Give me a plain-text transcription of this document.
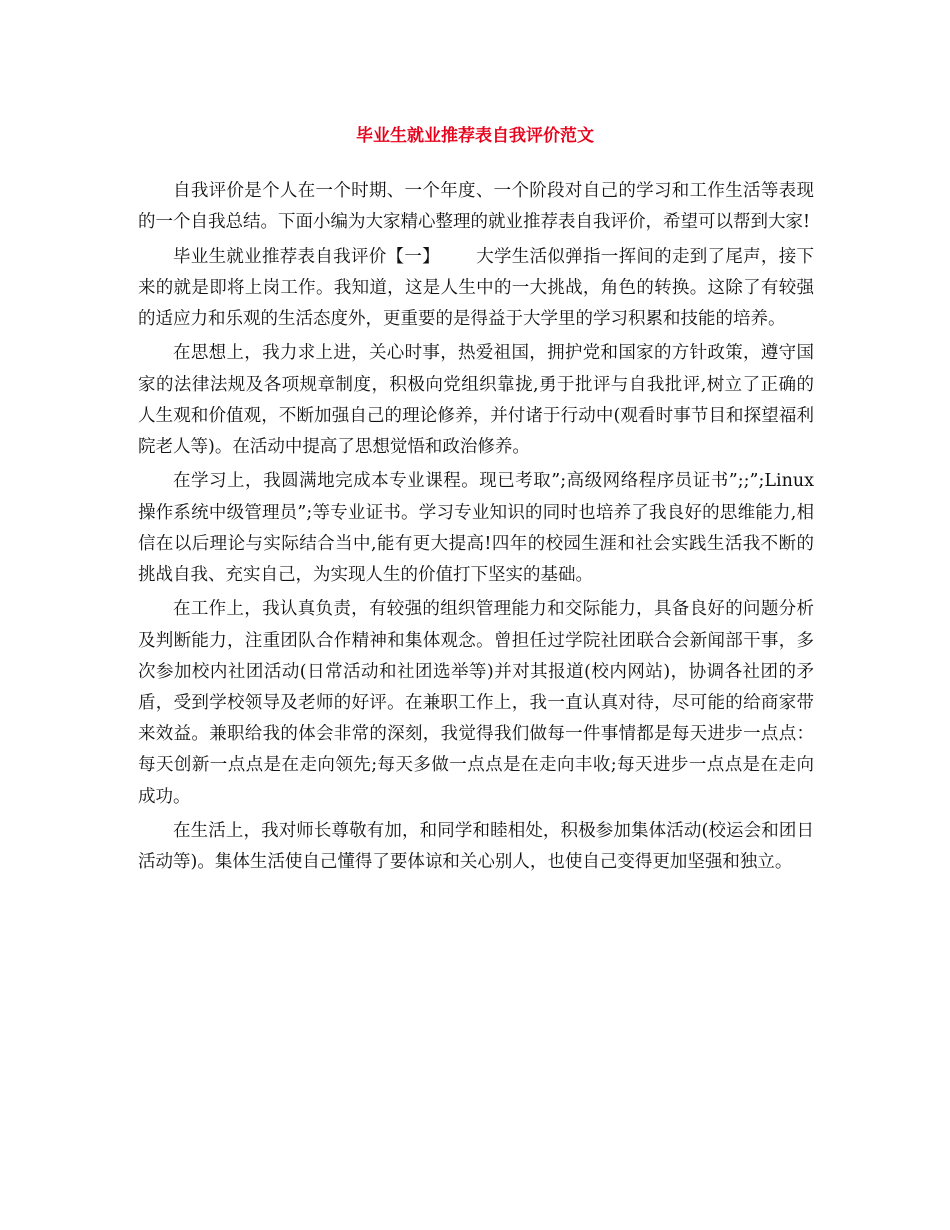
毕业生就业推荐表自我评价范文

自我评价是个人在一个时期、一个年度、一个阶段对自己的学习和工作生活等表现的一个自我总结。下面小编为大家精心整理的就业推荐表自我评价，希望可以帮到大家!

毕业生就业推荐表自我评价【一】 大学生活似弹指一挥间的走到了尾声，接下来的就是即将上岗工作。我知道，这是人生中的一大挑战，角色的转换。这除了有较强的适应力和乐观的生活态度外，更重要的是得益于大学里的学习积累和技能的培养。

在思想上，我力求上进，关心时事，热爱祖国，拥护党和国家的方针政策，遵守国家的法律法规及各项规章制度，积极向党组织靠拢,勇于批评与自我批评,树立了正确的人生观和价值观，不断加强自己的理论修养，并付诸于行动中(观看时事节目和探望福利院老人等)。在活动中提高了思想觉悟和政治修养。

在学习上，我圆满地完成本专业课程。现已考取”;高级网络程序员证书”;;”;Linux操作系统中级管理员”;等专业证书。学习专业知识的同时也培养了我良好的思维能力,相信在以后理论与实际结合当中,能有更大提高!四年的校园生涯和社会实践生活我不断的挑战自我、充实自己，为实现人生的价值打下坚实的基础。

在工作上，我认真负责，有较强的组织管理能力和交际能力，具备良好的问题分析及判断能力，注重团队合作精神和集体观念。曾担任过学院社团联合会新闻部干事，多次参加校内社团活动(日常活动和社团选举等)并对其报道(校内网站)，协调各社团的矛盾，受到学校领导及老师的好评。在兼职工作上，我一直认真对待，尽可能的给商家带来效益。兼职给我的体会非常的深刻，我觉得我们做每一件事情都是每天进步一点点：每天创新一点点是在走向领先;每天多做一点点是在走向丰收;每天进步一点点是在走向成功。

在生活上，我对师长尊敬有加，和同学和睦相处，积极参加集体活动(校运会和团日活动等)。集体生活使自己懂得了要体谅和关心别人，也使自己变得更加坚强和独立。
